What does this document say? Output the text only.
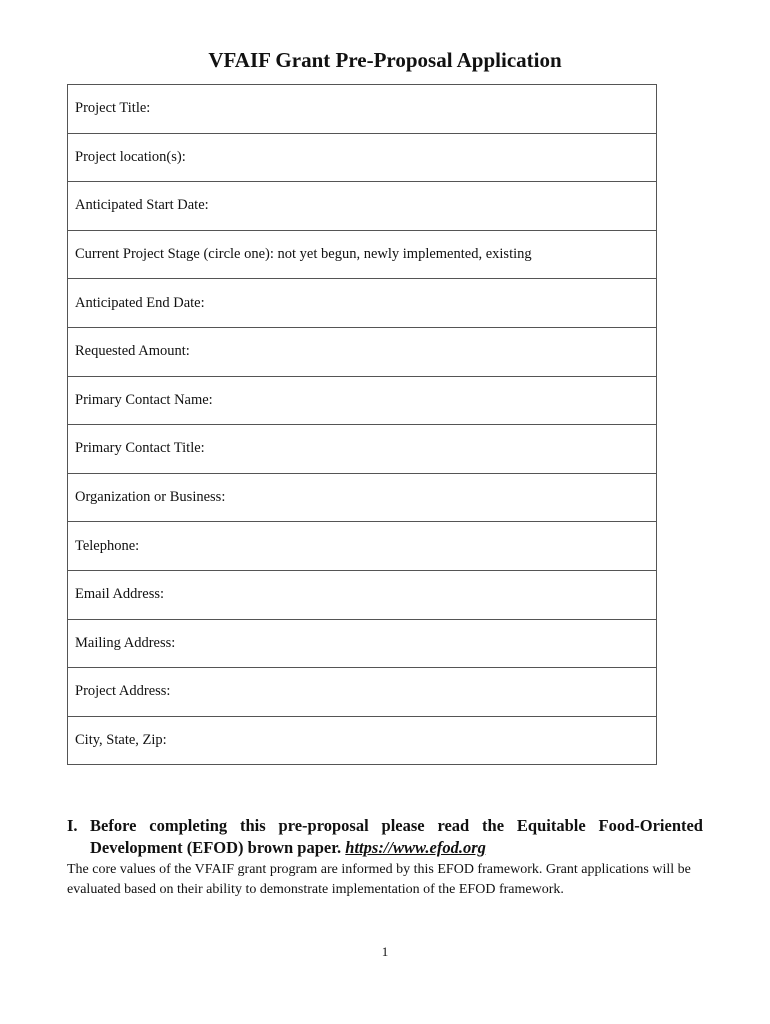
VFAIF Grant Pre-Proposal Application
Project Title:
Project location(s):
Anticipated Start Date:
Current Project Stage (circle one): not yet begun, newly implemented, existing
Anticipated End Date:
Requested Amount:
Primary Contact Name:
Primary Contact Title:
Organization or Business:
Telephone:
Email Address:
Mailing Address:
Project Address:
City, State, Zip:
I. Before completing this pre-proposal please read the Equitable Food-Oriented Development (EFOD) brown paper. https://www.efod.org
The core values of the VFAIF grant program are informed by this EFOD framework. Grant applications will be evaluated based on their ability to demonstrate implementation of the EFOD framework.
1
